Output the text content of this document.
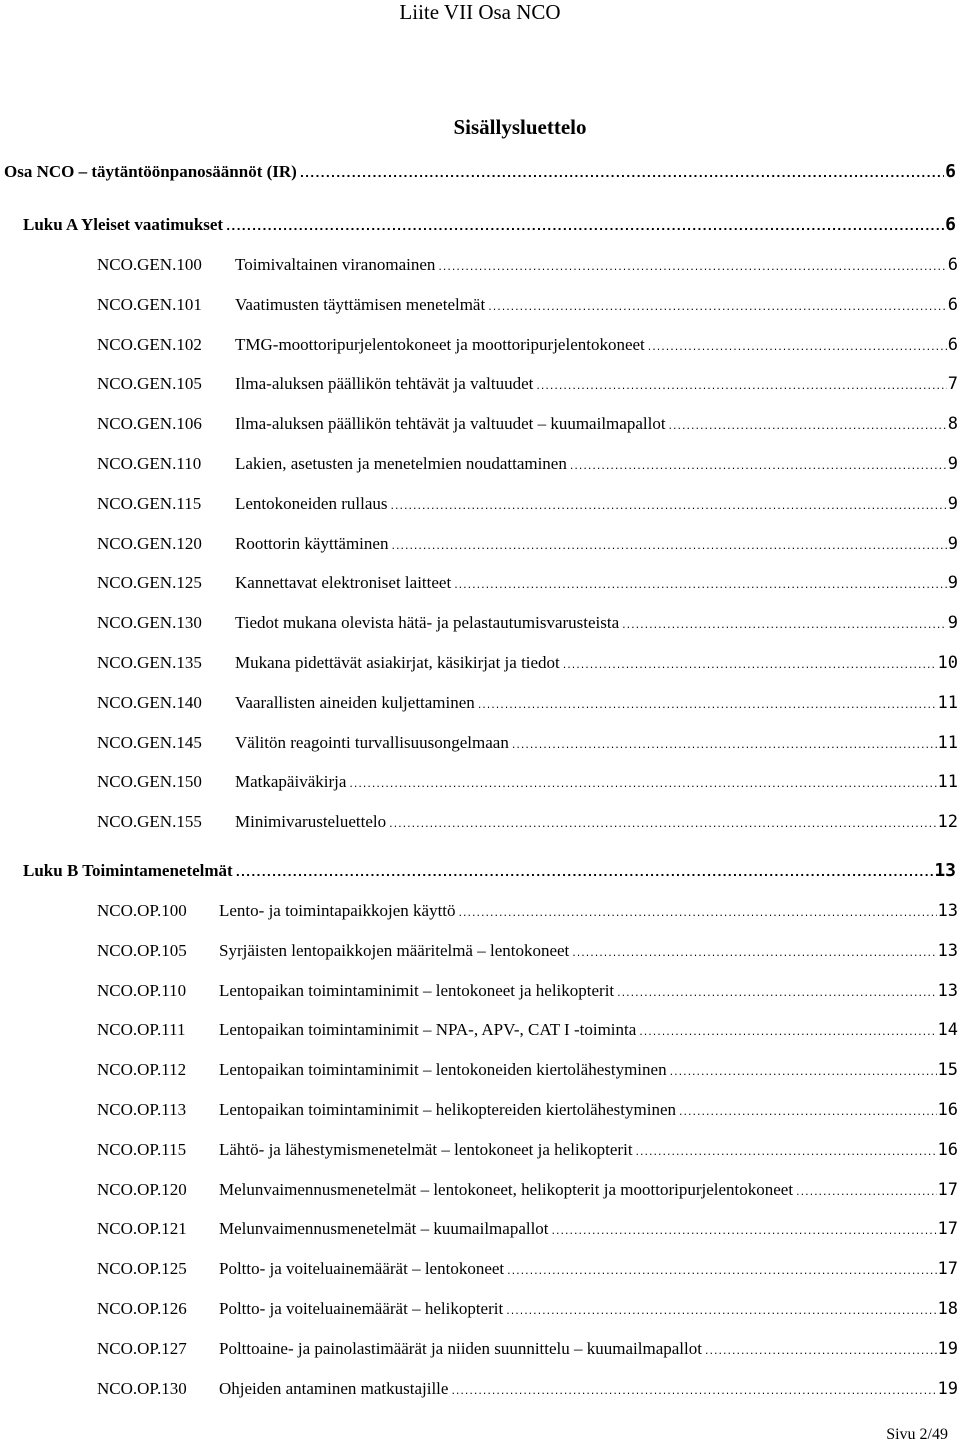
Liite VII Osa NCO
Sisällysluettelo
Osa NCO – täytäntöönpanosäännöt (IR) .....	6
Luku A Yleiset vaatimukset .....	6
NCO.GEN.100	Toimivaltainen viranomainen .....	6
NCO.GEN.101	Vaatimusten täyttämisen menetelmät .....	6
NCO.GEN.102	TMG-moottoripurjelentokoneet ja moottoripurjelentokoneet .....	6
NCO.GEN.105	Ilma-aluksen päällikön tehtävät ja valtuudet .....	7
NCO.GEN.106	Ilma-aluksen päällikön tehtävät ja valtuudet – kuumailmapallot .....	8
NCO.GEN.110	Lakien, asetusten ja menetelmien noudattaminen .....	9
NCO.GEN.115	Lentokoneiden rullaus .....	9
NCO.GEN.120	Roottorin käyttäminen .....	9
NCO.GEN.125	Kannettavat elektroniset laitteet .....	9
NCO.GEN.130	Tiedot mukana olevista hätä- ja pelastautumisvarusteista .....	9
NCO.GEN.135	Mukana pidettävät asiakirjat, käsikirjat ja tiedot .....	10
NCO.GEN.140	Vaarallisten aineiden kuljettaminen .....	11
NCO.GEN.145	Välitön reagointi turvallisuusongelmaan .....	11
NCO.GEN.150	Matkapäiväkirja .....	11
NCO.GEN.155	Minimivarusteluettelo .....	12
Luku B Toimintamenetelmät .....	13
NCO.OP.100	Lento- ja toimintapaikkojen käyttö .....	13
NCO.OP.105	Syrjäisten lentopaikkojen määritelmä – lentokoneet .....	13
NCO.OP.110	Lentopaikan toimintaminimit – lentokoneet ja helikopterit .....	13
NCO.OP.111	Lentopaikan toimintaminimit – NPA-, APV-, CAT I -toiminta .....	14
NCO.OP.112	Lentopaikan toimintaminimit – lentokoneiden kiertolähestyminen .....	15
NCO.OP.113	Lentopaikan toimintaminimit – helikoptereiden kiertolähestyminen .....	16
NCO.OP.115	Lähtö- ja lähestymismenetelmät – lentokoneet ja helikopterit .....	16
NCO.OP.120	Melunvaimennusmenetelmät – lentokoneet, helikopterit ja moottoripurjelentokoneet .....	17
NCO.OP.121	Melunvaimennusmenetelmät – kuumailmapallot .....	17
NCO.OP.125	Poltto- ja voiteluainemäärät – lentokoneet .....	17
NCO.OP.126	Poltto- ja voiteluainemäärät – helikopterit .....	18
NCO.OP.127	Polttoaine- ja painolastimäärät ja niiden suunnittelu – kuumailmapallot .....	19
NCO.OP.130	Ohjeiden antaminen matkustajille .....	19
Sivu 2/49
